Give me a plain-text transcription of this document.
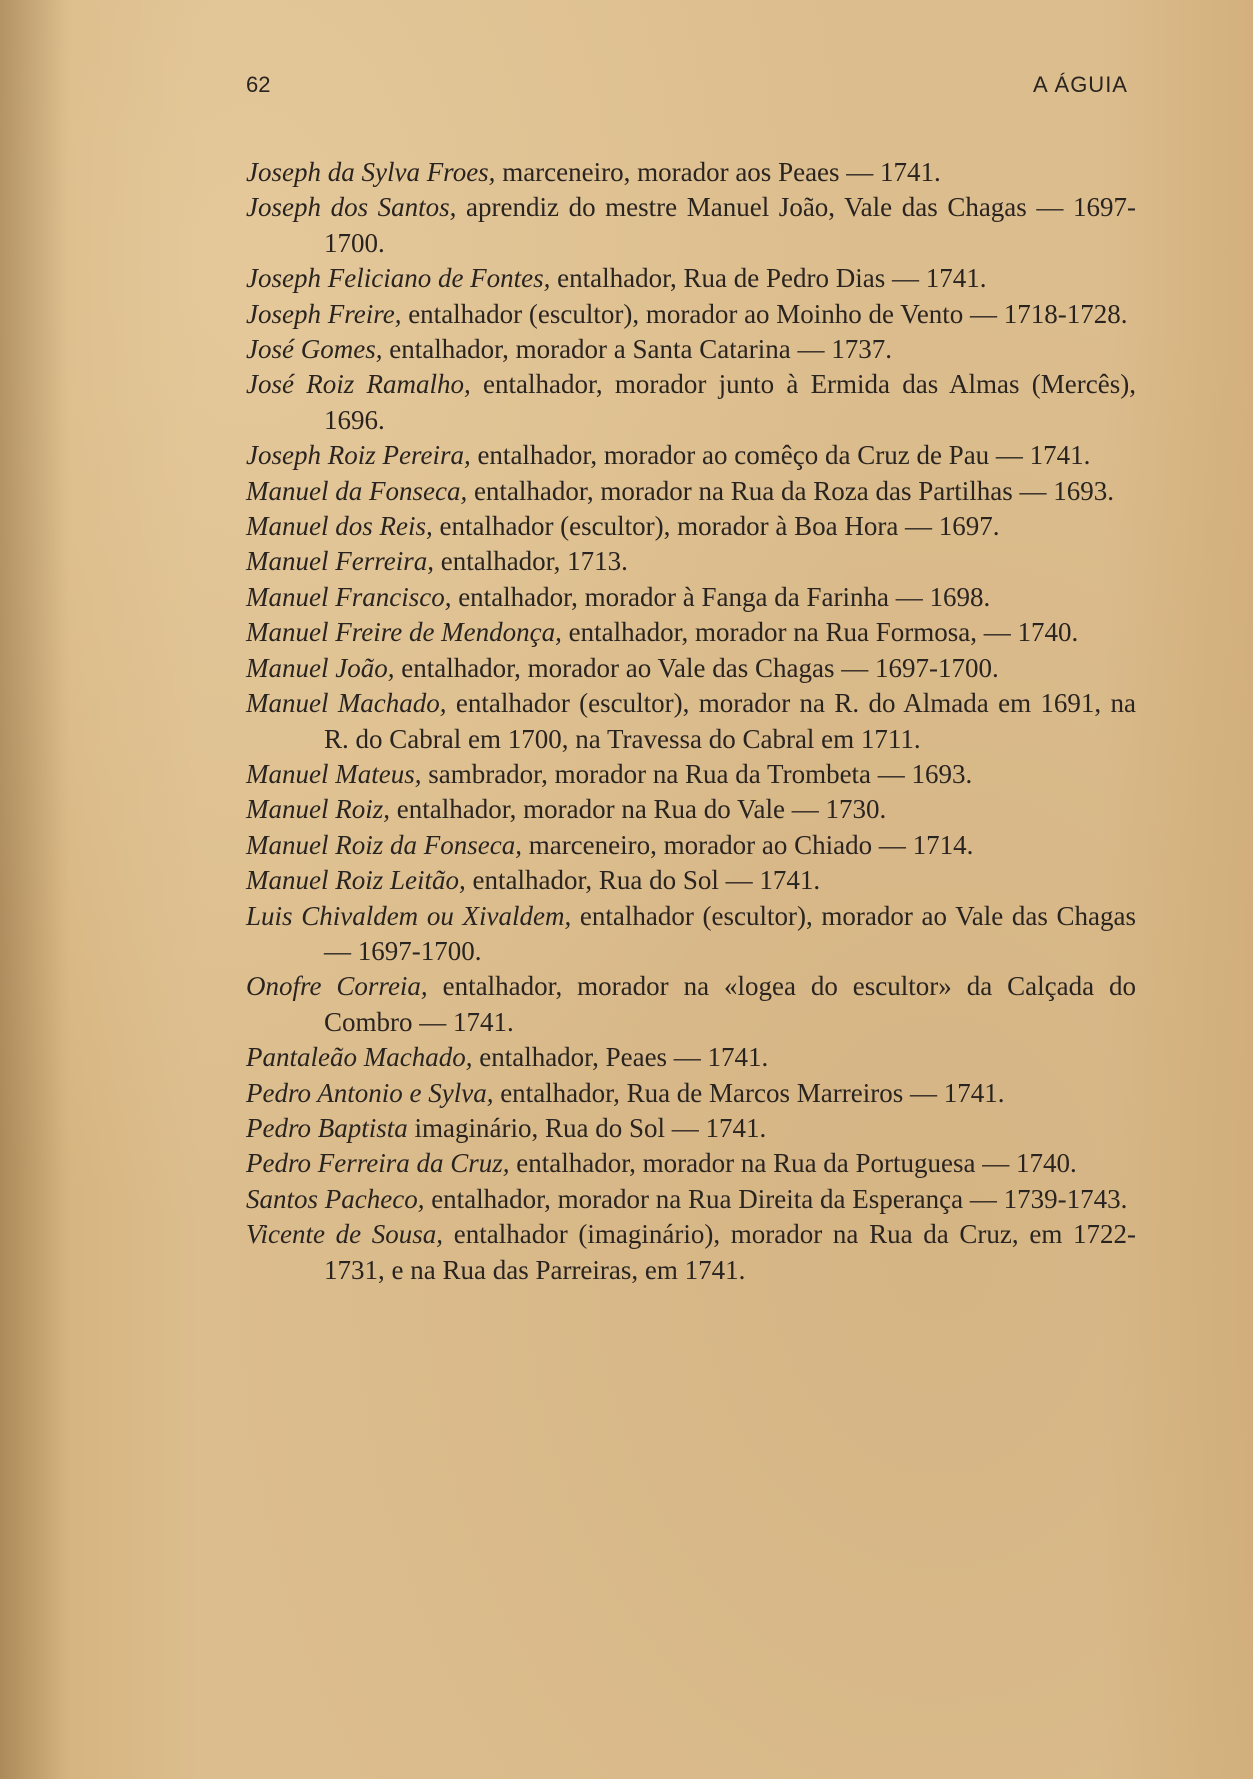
62	A ÁGUIA

Joseph da Sylva Froes, marceneiro, morador aos Peaes — 1741.

Joseph dos Santos, aprendiz do mestre Manuel João, Vale das Chagas — 1697-1700.

Joseph Feliciano de Fontes, entalhador, Rua de Pedro Dias — 1741.

Joseph Freire, entalhador (escultor), morador ao Moinho de Vento — 1718-1728.

José Gomes, entalhador, morador a Santa Catarina — 1737.

José Roiz Ramalho, entalhador, morador junto à Ermida das Almas (Mercês), 1696.

Joseph Roiz Pereira, entalhador, morador ao comêço da Cruz de Pau — 1741.

Manuel da Fonseca, entalhador, morador na Rua da Roza das Partilhas — 1693.

Manuel dos Reis, entalhador (escultor), morador à Boa Hora — 1697.

Manuel Ferreira, entalhador, 1713.

Manuel Francisco, entalhador, morador à Fanga da Farinha — 1698.

Manuel Freire de Mendonça, entalhador, morador na Rua Formosa, — 1740.

Manuel João, entalhador, morador ao Vale das Chagas — 1697-1700.

Manuel Machado, entalhador (escultor), morador na R. do Almada em 1691, na R. do Cabral em 1700, na Travessa do Cabral em 1711.

Manuel Mateus, sambrador, morador na Rua da Trombeta — 1693.

Manuel Roiz, entalhador, morador na Rua do Vale — 1730.

Manuel Roiz da Fonseca, marceneiro, morador ao Chiado — 1714.

Manuel Roiz Leitão, entalhador, Rua do Sol — 1741.

Luis Chivaldem ou Xivaldem, entalhador (escultor), morador ao Vale das Chagas — 1697-1700.

Onofre Correia, entalhador, morador na «logea do escultor» da Calçada do Combro — 1741.

Pantaleão Machado, entalhador, Peaes — 1741.

Pedro Antonio e Sylva, entalhador, Rua de Marcos Marreiros — 1741.

Pedro Baptista imaginário, Rua do Sol — 1741.

Pedro Ferreira da Cruz, entalhador, morador na Rua da Portuguesa — 1740.

Santos Pacheco, entalhador, morador na Rua Direita da Esperança — 1739-1743.

Vicente de Sousa, entalhador (imaginário), morador na Rua da Cruz, em 1722-1731, e na Rua das Parreiras, em 1741.
